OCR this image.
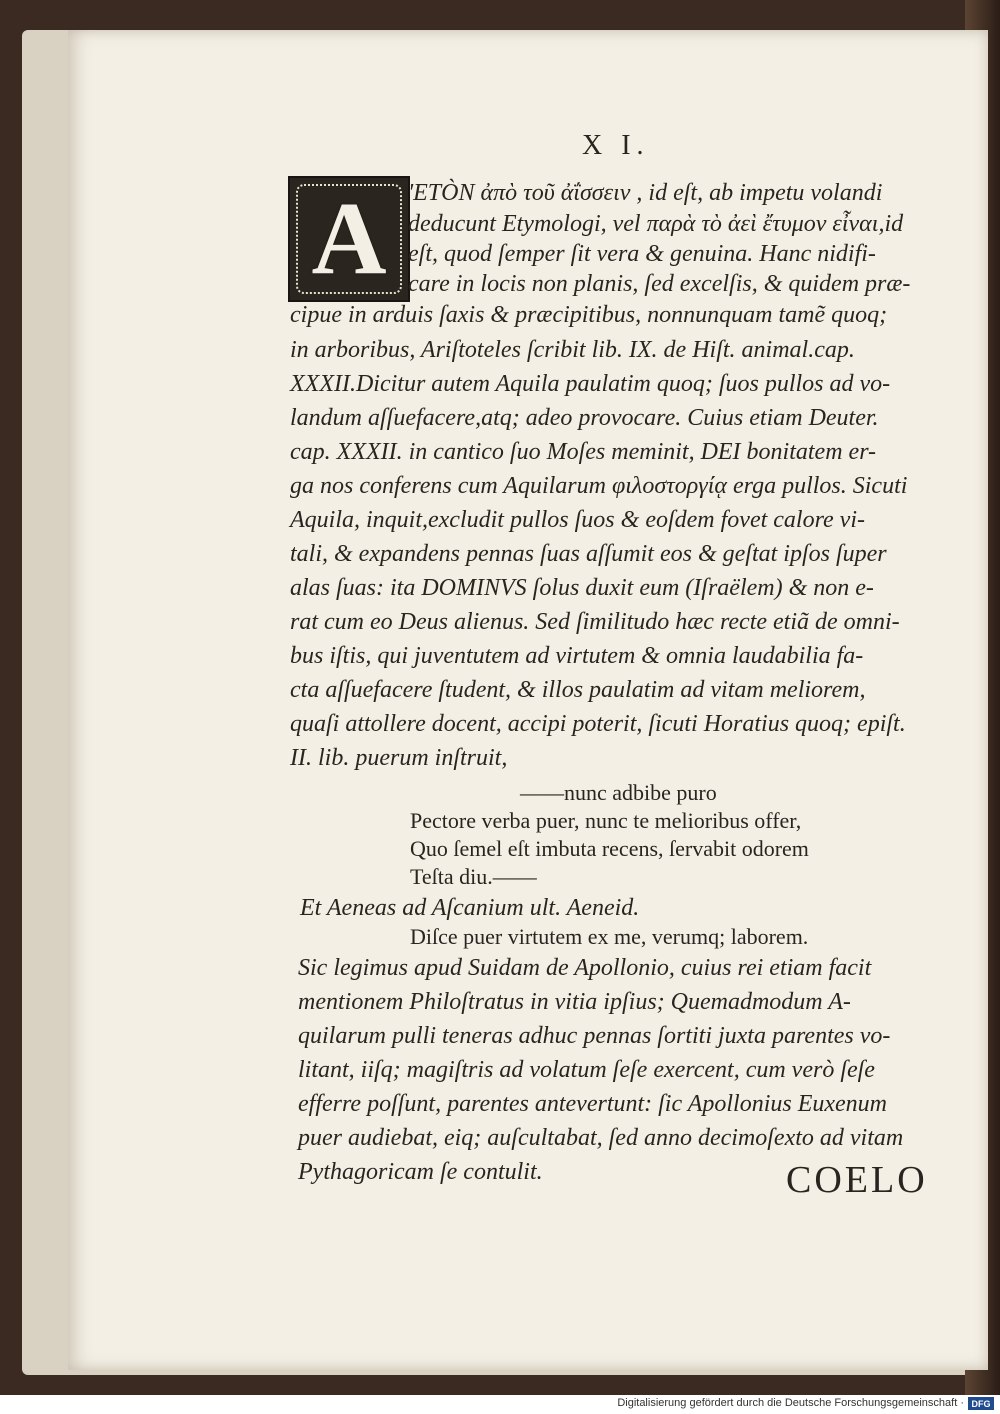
X I.
A 'ETÒN ἀπὸ τοῦ ἀΐσσειν , id eſt, ab impetu volandi

deducunt Etymologi, vel παρὰ τὸ ἀεὶ ἔτυμον εἶναι,id

eſt, quod ſemper ſit vera & genuina. Hanc nidifi-

care in locis non planis, ſed excelſis, & quidem præ-

cipue in arduis ſaxis & præcipitibus, nonnunquam tamẽ quoq;

in arboribus, Ariſtoteles ſcribit lib. IX. de Hiſt. animal.cap.

XXXII.Dicitur autem Aquila paulatim quoq; ſuos pullos ad vo-

landum aſſuefacere,atq; adeo provocare. Cuius etiam Deuter.

cap. XXXII. in cantico ſuo Moſes meminit, DEI bonitatem er-

ga nos conferens cum Aquilarum φιλοστοργίᾳ erga pullos. Sicuti

Aquila, inquit,excludit pullos ſuos & eoſdem fovet calore vi-

tali, & expandens pennas ſuas aſſumit eos & geſtat ipſos ſuper

alas ſuas: ita DOMINVS ſolus duxit eum (Iſraëlem) & non e-

rat cum eo Deus alienus. Sed ſimilitudo hæc recte etiã de omni-

bus iſtis, qui juventutem ad virtutem & omnia laudabilia fa-

cta aſſuefacere ſtudent, & illos paulatim ad vitam meliorem,

quaſi attollere docent, accipi poterit, ſicuti Horatius quoq; epiſt.

II. lib. puerum inſtruit,

——nunc adbibe puro

Pectore verba puer, nunc te melioribus offer,

Quo ſemel eſt imbuta recens, ſervabit odorem

Teſta diu.——

Et Aeneas ad Aſcanium ult. Aeneid.

Diſce puer virtutem ex me, verumq; laborem.

Sic legimus apud Suidam de Apollonio, cuius rei etiam facit

mentionem Philoſtratus in vitia ipſius; Quemadmodum A-

quilarum pulli teneras adhuc pennas ſortiti juxta parentes vo-

litant, iiſq; magiſtris ad volatum ſeſe exercent, cum verò ſeſe

efferre poſſunt, parentes antevertunt: ſic Apollonius Euxenum

puer audiebat, eiq; auſcultabat, ſed anno decimoſexto ad vitam

Pythagoricam ſe contulit.	COELO
Digitalisierung gefördert durch die Deutsche Forschungsgemeinschaft · DFG
